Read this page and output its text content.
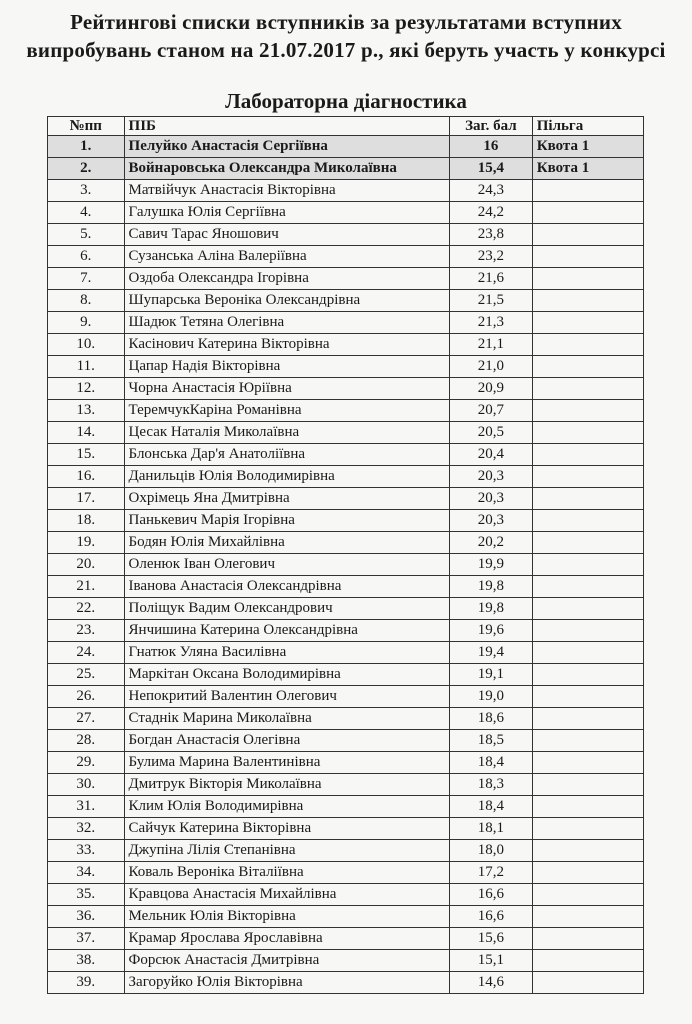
Рейтингові списки вступників за результатами вступних
випробувань станом на 21.07.2017 р., які беруть участь у конкурсі
Лабораторна діагностика
№пп	ПІБ	Заг. бал	Пільга
1.	Пелуйко Анастасія Сергіївна	16	Квота 1
2.	Войнаровська Олександра Миколаївна	15,4	Квота 1
3.	Матвійчук Анастасія Вікторівна	24,3	
4.	Галушка Юлія Сергіївна	24,2	
5.	Савич Тарас Яношович	23,8	
6.	Сузанська Аліна Валеріївна	23,2	
7.	Оздоба Олександра Ігорівна	21,6	
8.	Шупарська Вероніка Олександрівна	21,5	
9.	Шадюк Тетяна Олегівна	21,3	
10.	Касінович Катерина Вікторівна	21,1	
11.	Цапар Надія Вікторівна	21,0	
12.	Чорна Анастасія Юріївна	20,9	
13.	ТеремчукКаріна Романівна	20,7	
14.	Цесак Наталія Миколаївна	20,5	
15.	Блонська Дар'я Анатоліївна	20,4	
16.	Данильців Юлія Володимирівна	20,3	
17.	Охрімець Яна Дмитрівна	20,3	
18.	Панькевич Марія Ігорівна	20,3	
19.	Бодян Юлія Михайлівна	20,2	
20.	Оленюк Іван Олегович	19,9	
21.	Іванова Анастасія Олександрівна	19,8	
22.	Поліщук Вадим Олександрович	19,8	
23.	Янчишина Катерина Олександрівна	19,6	
24.	Гнатюк Уляна Василівна	19,4	
25.	Маркітан Оксана Володимирівна	19,1	
26.	Непокритий Валентин Олегович	19,0	
27.	Стаднік Марина Миколаївна	18,6	
28.	Богдан Анастасія Олегівна	18,5	
29.	Булима Марина Валентинівна	18,4	
30.	Дмитрук Вікторія Миколаївна	18,3	
31.	Клим Юлія Володимирівна	18,4	
32.	Сайчук Катерина Вікторівна	18,1	
33.	Джупіна Лілія Степанівна	18,0	
34.	Коваль Вероніка Віталіївна	17,2	
35.	Кравцова Анастасія Михайлівна	16,6	
36.	Мельник Юлія Вікторівна	16,6	
37.	Крамар Ярослава Ярославівна	15,6	
38.	Форсюк Анастасія Дмитрівна	15,1	
39.	Загоруйко Юлія Вікторівна	14,6	
